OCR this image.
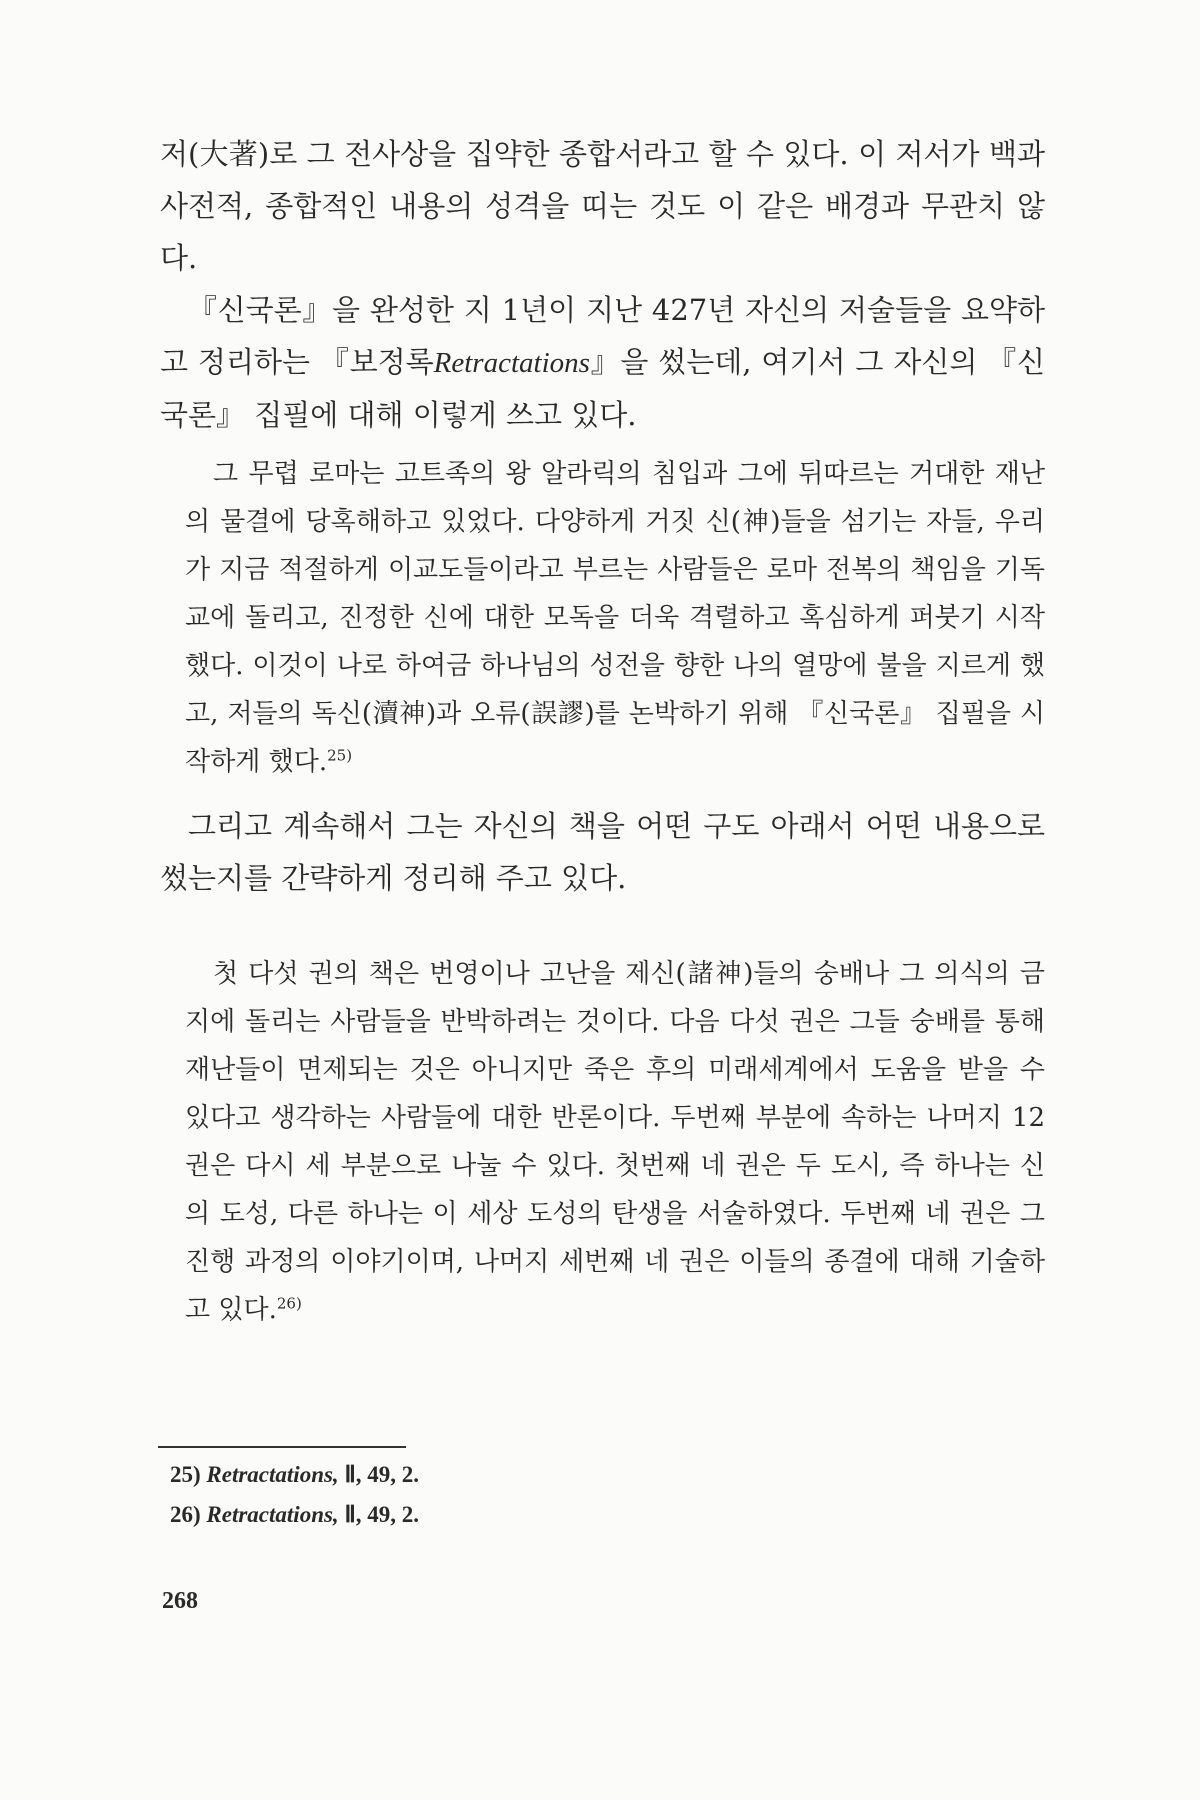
저(大著)로 그 전사상을 집약한 종합서라고 할 수 있다. 이 저서가 백과사전적, 종합적인 내용의 성격을 띠는 것도 이 같은 배경과 무관치 않다.

『신국론』을 완성한 지 1년이 지난 427년 자신의 저술들을 요약하고 정리하는 『보정록Retractations』을 썼는데, 여기서 그 자신의 『신국론』 집필에 대해 이렇게 쓰고 있다.

그 무렵 로마는 고트족의 왕 알라릭의 침입과 그에 뒤따르는 거대한 재난의 물결에 당혹해하고 있었다. 다양하게 거짓 신(神)들을 섬기는 자들, 우리가 지금 적절하게 이교도들이라고 부르는 사람들은 로마 전복의 책임을 기독교에 돌리고, 진정한 신에 대한 모독을 더욱 격렬하고 혹심하게 퍼붓기 시작했다. 이것이 나로 하여금 하나님의 성전을 향한 나의 열망에 불을 지르게 했고, 저들의 독신(瀆神)과 오류(誤謬)를 논박하기 위해 『신국론』 집필을 시작하게 했다.$^{25)}$

그리고 계속해서 그는 자신의 책을 어떤 구도 아래서 어떤 내용으로 썼는지를 간략하게 정리해 주고 있다.

첫 다섯 권의 책은 번영이나 고난을 제신(諸神)들의 숭배나 그 의식의 금지에 돌리는 사람들을 반박하려는 것이다. 다음 다섯 권은 그들 숭배를 통해 재난들이 면제되는 것은 아니지만 죽은 후의 미래세계에서 도움을 받을 수 있다고 생각하는 사람들에 대한 반론이다. 두번째 부분에 속하는 나머지 12권은 다시 세 부분으로 나눌 수 있다. 첫번째 네 권은 두 도시, 즉 하나는 신의 도성, 다른 하나는 이 세상 도성의 탄생을 서술하였다. 두번째 네 권은 그 진행 과정의 이야기이며, 나머지 세번째 네 권은 이들의 종결에 대해 기술하고 있다.$^{26)}$

25) Retractations, Ⅱ, 49, 2.
26) Retractations, Ⅱ, 49, 2.
268
